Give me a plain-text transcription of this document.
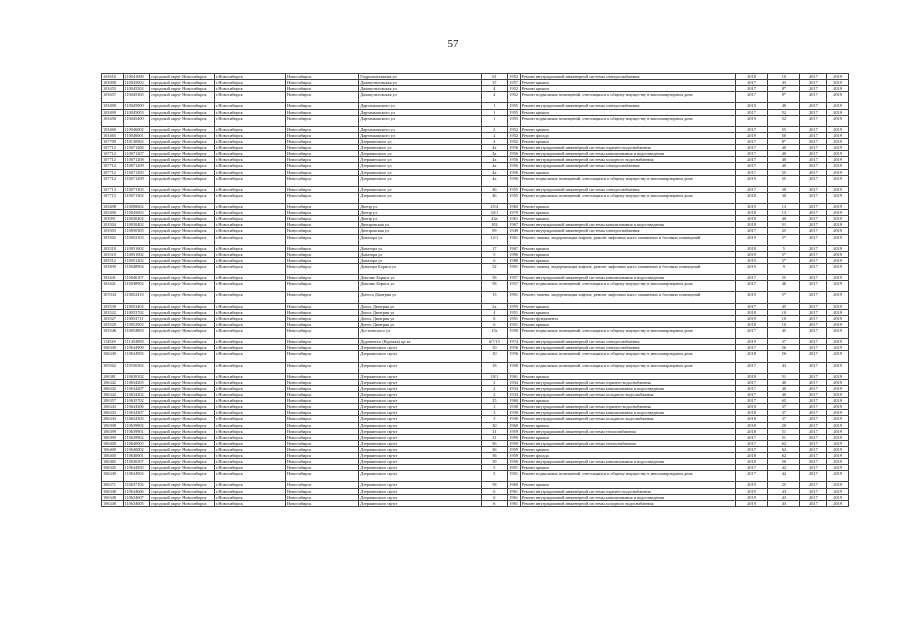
57
103616	110041609	городской округ Новосибирск	г.Новосибирск	Новосибирск	Гидромонтажная ул	61	1952	Ремонт внутридомовой инженерной системы электроснабжения	2018	10	2017	2019
103008	110045002	городской округ Новосибирск	г.Новосибирск	Новосибирск	Дачакутиловская ул	37	1957	Ремонт крыши	2017	43	2017	2019
103453	110045502	городской округ Новосибирск	г.Новосибирск	Новосибирск	Дачакутиловская ул	4	1952	Ремонт крыши	2017	8*	2017	2019
103637	110045305	городской округ Новосибирск	г.Новосибирск	Новосибирск	Дачакутиловская ул	4	1952	Ремонт подвальных помещений, относящихся к общему имуществу в многоквартирном доме	2017	8*	2017	2019
103498	110045900	городской округ Новосибирск	г.Новосибирск	Новосибирск	Дартамышского ул	1	1955	Ремонт внутридомовой инженерной системы электроснабжения	2019	40	2017	2019
103490	110045003	городской округ Новосибирск	г.Новосибирск	Новосибирск	Дартамышского ул	1	1955	Ремонт крыши	2017	52	2017	2019
103458	110045400	городской округ Новосибирск	г.Новосибирск	Новосибирск	Дартамышского ул	1	1955	Ремонт подвальных помещений, относящихся к общему имуществу в многоквартирном доме	2019	52	2017	2019
103460	110046002	городской округ Новосибирск	г.Новосибирск	Новосибирск	Дартамышского ул	2	1952	Ремонт крыши	2017	55	2017	2019
103465	110046001	городской округ Новосибирск	г.Новосибирск	Новосибирск	Дартамышского ул	2	1952	Ремонт фасада	2019	50	2017	2019
107709	110130902	городской округ Новосибирск	г.Новосибирск	Новосибирск	Дзержинского ул	4	1952	Ремонт крыши	2017	8*	2017	2019
107712	110071206	городской округ Новосибирск	г.Новосибирск	Новосибирск	Дзержинского ул	4а	1956	Ремонт внутридомовой инженерной системы горячего водоснабжения	2017	40	2017	2019
107712	110071207	городской округ Новосибирск	г.Новосибирск	Новосибирск	Дзержинского ул	4а	1956	Ремонт внутридомовой инженерной системы канализования и водоотведения	2017	40	2017	2019
107712	110071208	городской округ Новосибирск	г.Новосибирск	Новосибирск	Дзержинского ул	4а	1956	Ремонт внутридомовой инженерной системы холодного водоснабжения	2017	40	2017	2019
107712	110071209	городской округ Новосибирск	г.Новосибирск	Новосибирск	Дзержинского ул	4а	1956	Ремонт внутридомовой инженерной системы электроснабжения	2017	40	2017	2019
107712	110071205	городской округ Новосибирск	г.Новосибирск	Новосибирск	Дзержинского ул	4а	1956	Ремонт крыши	2017	55	2017	2019
107712	110071209	городской округ Новосибирск	г.Новосибирск	Новосибирск	Дзержинского ул	4а	1956	Ремонт подвальных помещений, относящихся к общему имуществу в многоквартирном доме	2019	55	2017	2019
107713	110071305	городской округ Новосибирск	г.Новосибирск	Новосибирск	Дзержинского ул	46	1955	Ремонт внутридомовой инженерной системы электроснабжения	2017	30	2017	2019
107713	110071302	городской округ Новосибирск	г.Новосибирск	Новосибирск	Дзержинского ул	46	1955	Ремонт подвальных помещений, относящихся к общему имуществу в многоквартирном доме	2018	30	2017	2019
103498	110098602	городской округ Новосибирск	г.Новосибирск	Новосибирск	Днепр ул	25/4	1960	Ремонт крыши	2019	13	2017	2019
103496	110045602	городской округ Новосибирск	г.Новосибирск	Новосибирск	Днепр ул	34/1	1970	Ремонт крыши	2018	13	2017	2019
103091	110030402	городской округ Новосибирск	г.Новосибирск	Новосибирск	Днепр ул	43а	1961	Ремонт крыши	2018	40	2017	2019
103504	110050402	городской округ Новосибирск	г.Новосибирск	Новосибирск	Днепровская ул	102	1967	Ремонт внутридомовой инженерной системы канализования и водоотведения	2018	51	2017	2019
103503	110050305	городской округ Новосибирск	г.Новосибирск	Новосибирск	Днепровская ул	99	1949	Ремонт внутридомовой инженерной системы электроснабжения	2017	25	2017	2019
103502	110052103	городской округ Новосибирск	г.Новосибирск	Новосибирск	Доватора ул	12/1	1961	Ремонт, замена, модернизация лифтов, ремонт лифтовых шахт, машинных и блочных помещений	2019	5*	2017	2019
103518	110051602	городской округ Новосибирск	г.Новосибирск	Новосибирск	Доватора ул	17	1967	Ремонт крыши	2018	5	2017	2019
103510	110051002	городской округ Новосибирск	г.Новосибирск	Новосибирск	Доватора ул	5	1990	Ремонт крыши	2019	5*	2017	2019
103512	110051202	городской округ Новосибирск	г.Новосибирск	Новосибирск	Доватора ул	6	1988	Ремонт крыши	2019	5*	2017	2019
103839	110048904	городской округ Новосибирск	г.Новосибирск	Новосибирск	Доватора Бориса ул	52	1991	Ремонт, замена, модернизация лифтов, ремонт лифтовых шахт, машинных и блочных помещений	2019	9	2017	2019
103441	110046107	городской округ Новосибирск	г.Новосибирск	Новосибирск	Довгань Бориса ул	58	1957	Ремонт внутридомовой инженерной системы канализования и водоотведения	2017	55	2017	2019
103441	110048902	городской округ Новосибирск	г.Новосибирск	Новосибирск	Довгань Бориса ул	58	1957	Ремонт подвальных помещений, относящихся к общему имуществу в многоквартирном доме	2017	46	2017	2019
107034	110052410	городской округ Новосибирск	г.Новосибирск	Новосибирск	Доноса Дмитрия ул	13	1991	Ремонт, замена, модернизация лифтов, ремонт лифтовых шахт, машинных и блочных помещений	2019	5*	2017	2019
103538	110053402	городской округ Новосибирск	г.Новосибирск	Новосибирск	Донос Дмитрия ул	2а	1959	Ремонт крыши	2017	45	2017	2019
103522	110053702	городской округ Новосибирск	г.Новосибирск	Новосибирск	Донос Дмитрия ул	4	1951	Ремонт крыши	2018	10	2017	2019
103527	110053711	городской округ Новосибирск	г.Новосибирск	Новосибирск	Донос Дмитрия ул	6	1951	Ремонт фундамента	2019	10	2017	2019
103529	110052902	городской округ Новосибирск	г.Новосибирск	Новосибирск	Донос Дмитрия ул	6	1951	Ремонт крыши	2018	10	2017	2019
103548	110054803	городской округ Новосибирск	г.Новосибирск	Новосибирск	Достоевского ул	15а	1950	Ремонт подвальных помещений, относящихся к общему имуществу в многоквартирном доме	2017	45	2017	2019
114549	111454909	городской округ Новосибирск	г.Новосибирск	Новосибирск	Дуденевого (Курская) пр-кт	6/7/15	1974	Ремонт внутридомовой инженерной системы электроснабжения	2019	37	2017	2019
106349	110634909	городской округ Новосибирск	г.Новосибирск	Новосибирск	Дзержинского пр-кт	10	1956	Ремонт внутридомовой инженерной системы электроснабжения	2017	56	2017	2019
106349	110634905	городской округ Новосибирск	г.Новосибирск	Новосибирск	Дзержинского пр-кт	10	1956	Ремонт подвальных помещений, относящихся к общему имуществу в многоквартирном доме	2018	56	2017	2019
105562	110556302	городской округ Новосибирск	г.Новосибирск	Новосибирск	Дзержинского пр-кт	18	1958	Ремонт подвальных помещений, относящихся к общему имуществу в многоквартирном доме	2017	43	2017	2019
106381	110638102	городской округ Новосибирск	г.Новосибирск	Новосибирск	Дзержинского пр-кт	18/1	1961	Ремонт крыши	2018	51	2017	2019
106342	110634205	городской округ Новосибирск	г.Новосибирск	Новосибирск	Дзержинского пр-кт	2	1934	Ремонт внутридомовой инженерной системы горячего водоснабжения	2017	40	2017	2019
106342	110634207	городской округ Новосибирск	г.Новосибирск	Новосибирск	Дзержинского пр-кт	2	1934	Ремонт внутридомовой инженерной системы канализования и водоотведения	2017	40	2017	2019
106342	110634202	городской округ Новосибирск	г.Новосибирск	Новосибирск	Дзержинского пр-кт	2	1934	Ремонт внутридомовой инженерной системы холодного водоснабжения	2017	40	2017	2019
106357	110635702	городской округ Новосибирск	г.Новосибирск	Новосибирск	Дзержинского пр-кт	25	1960	Ремонт крыши	2017	65	2017	2019
106343	110634306	городской округ Новосибирск	г.Новосибирск	Новосибирск	Дзержинского пр-кт	3	1930	Ремонт внутридомовой инженерной системы горячего водоснабжения	2018	37	2017	2019
106343	110634307	городской округ Новосибирск	г.Новосибирск	Новосибирск	Дзержинского пр-кт	3	1930	Ремонт внутридомовой инженерной системы канализования и водоотведения	2018	37	2017	2019
106343	110634305	городской округ Новосибирск	г.Новосибирск	Новосибирск	Дзержинского пр-кт	3	1930	Ремонт внутридомовой инженерной системы холодного водоснабжения	2018	37	2017	2019
106398	110639802	городской округ Новосибирск	г.Новосибирск	Новосибирск	Дзержинского пр-кт	30	1960	Ремонт крыши	2018	20	2017	2019
106399	110639901	городской округ Новосибирск	г.Новосибирск	Новосибирск	Дзержинского пр-кт	31	1959	Ремонт внутридомовой инженерной системы теплоснабжения	2018	51	2017	2019
106399	110639902	городской округ Новосибирск	г.Новосибирск	Новосибирск	Дзержинского пр-кт	31	1959	Ремонт крыши	2017	51	2017	2019
106400	110640005	городской округ Новосибирск	г.Новосибирск	Новосибирск	Дзержинского пр-кт	36	1959	Ремонт внутридомовой инженерной системы теплоснабжения	2017	62	2017	2019
106400	110640002	городской округ Новосибирск	г.Новосибирск	Новосибирск	Дзержинского пр-кт	36	1959	Ремонт крыши	2017	62	2017	2019
106400	110640001	городской округ Новосибирск	г.Новосибирск	Новосибирск	Дзержинского пр-кт	36	1959	Ремонт фасада	2018	62	2017	2019
106365	110636507	городской округ Новосибирск	г.Новосибирск	Новосибирск	Дзержинского пр-кт	39	1956	Ремонт внутридомовой инженерной системы канализования и водоотведения	2018	50	2017	2019
106345	110634505	городской округ Новосибирск	г.Новосибирск	Новосибирск	Дзержинского пр-кт	5	1951	Ремонт крыши	2017	42	2017	2019
106349	110634902	городской округ Новосибирск	г.Новосибирск	Новосибирск	Дзержинского пр-кт	5	1951	Ремонт подвальных помещений, относящихся к общему имуществу в многоквартирном доме	2017	42	2017	2019
106371	110637102	городской округ Новосибирск	г.Новосибирск	Новосибирск	Дзержинского пр-кт	58	1960	Ремонт крыши	2019	25	2017	2019
106348	110634606	городской округ Новосибирск	г.Новосибирск	Новосибирск	Дзержинского пр-кт	6	1961	Ремонт внутридомовой инженерной системы горячего водоснабжения	2019	43	2017	2019
106348	110634607	городской округ Новосибирск	г.Новосибирск	Новосибирск	Дзержинского пр-кт	6	1961	Ремонт внутридомовой инженерной системы канализования и водоотведения	2019	43	2017	2019
106348	110634605	городской округ Новосибирск	г.Новосибирск	Новосибирск	Дзержинского пр-кт	6	1961	Ремонт внутридомовой инженерной системы холодного водоснабжения	2019	43	2017	2019
